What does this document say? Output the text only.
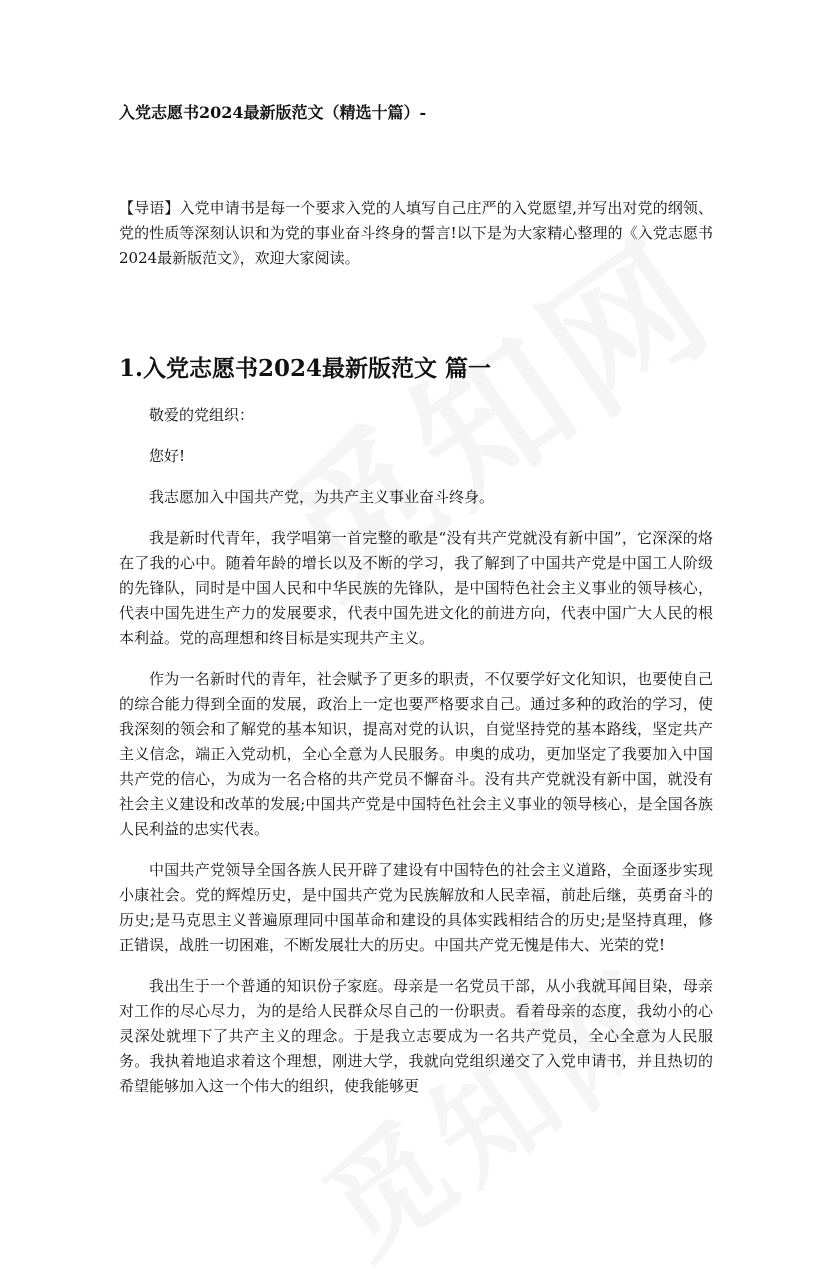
入党志愿书2024最新版范文（精选十篇）-

【导语】入党申请书是每一个要求入党的人填写自己庄严的入党愿望,并写出对党的纲领、党的性质等深刻认识和为党的事业奋斗终身的誓言!以下是为大家精心整理的《入党志愿书2024最新版范文》，欢迎大家阅读。

1.入党志愿书2024最新版范文 篇一

敬爱的党组织：

您好!

我志愿加入中国共产党，为共产主义事业奋斗终身。

我是新时代青年，我学唱第一首完整的歌是“没有共产党就没有新中国”，它深深的烙在了我的心中。随着年龄的增长以及不断的学习，我了解到了中国共产党是中国工人阶级的先锋队，同时是中国人民和中华民族的先锋队，是中国特色社会主义事业的领导核心，代表中国先进生产力的发展要求，代表中国先进文化的前进方向，代表中国广大人民的根本利益。党的高理想和终目标是实现共产主义。

作为一名新时代的青年，社会赋予了更多的职责，不仅要学好文化知识，也要使自己的综合能力得到全面的发展，政治上一定也要严格要求自己。通过多种的政治的学习，使我深刻的领会和了解党的基本知识，提高对党的认识，自觉坚持党的基本路线，坚定共产主义信念，端正入党动机，全心全意为人民服务。申奥的成功，更加坚定了我要加入中国共产党的信心，为成为一名合格的共产党员不懈奋斗。没有共产党就没有新中国，就没有社会主义建设和改革的发展;中国共产党是中国特色社会主义事业的领导核心，是全国各族人民利益的忠实代表。

中国共产党领导全国各族人民开辟了建设有中国特色的社会主义道路，全面逐步实现小康社会。党的辉煌历史，是中国共产党为民族解放和人民幸福，前赴后继，英勇奋斗的历史;是马克思主义普遍原理同中国革命和建设的具体实践相结合的历史;是坚持真理，修正错误，战胜一切困难，不断发展壮大的历史。中国共产党无愧是伟大、光荣的党!

我出生于一个普通的知识份子家庭。母亲是一名党员干部，从小我就耳闻目染，母亲对工作的尽心尽力，为的是给人民群众尽自己的一份职责。看着母亲的态度，我幼小的心灵深处就埋下了共产主义的理念。于是我立志要成为一名共产党员，全心全意为人民服务。我执着地追求着这个理想，刚进大学，我就向党组织递交了入党申请书，并且热切的希望能够加入这一个伟大的组织，使我能够更
